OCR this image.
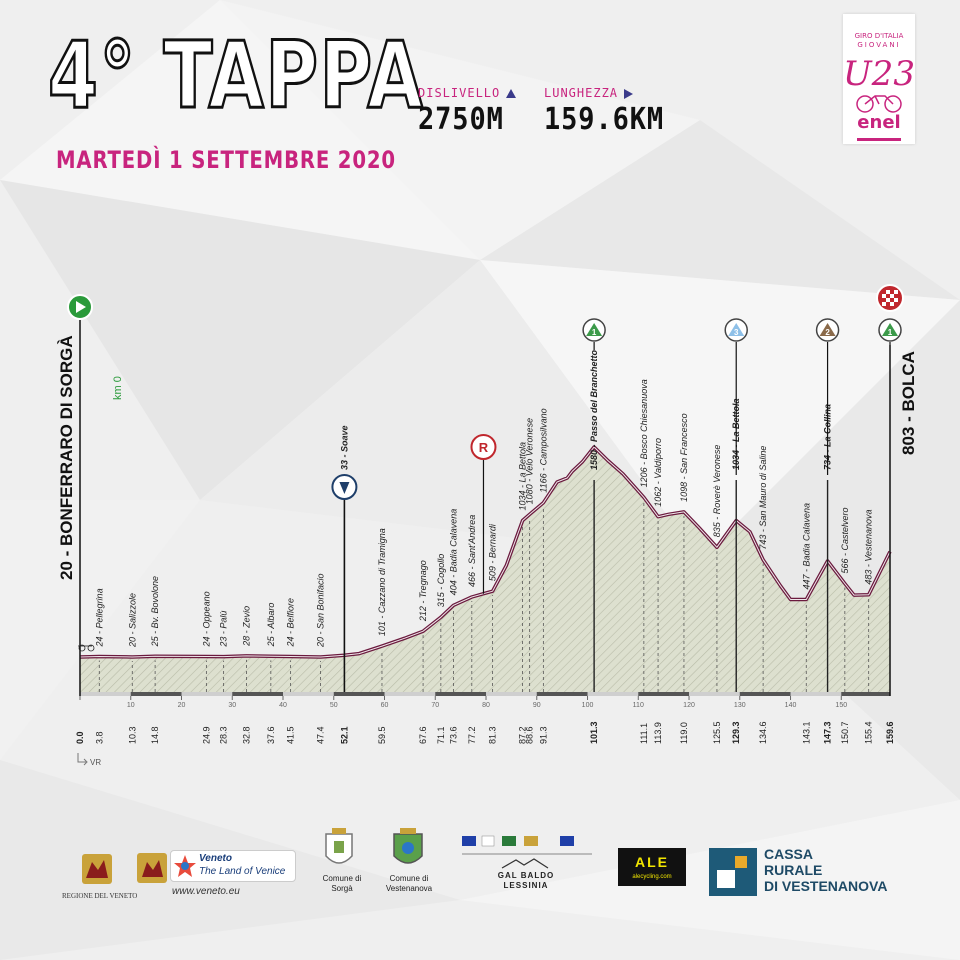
4° TAPPA
MARTEDÌ 1 SETTEMBRE 2020
DISLIVELLO
2750M
LUNGHEZZA
159.6KM
GIRO D'ITALIA
GIOVANI
U23
enel
10	20	30	40	50	60	70	80	90	100	110	120	130	140	150
24 - Pellegrina	20 - Salizzole 25 - Bv. Bovolone	24 - Oppeano 23 - Palù 28 - Zevio 25 - Albaro 24 - Belfiore 20 - San Bonifacio
33 - Soave
101 - Cazzano di Tramigna	212 - Tregnago 315 - Cogollo 404 - Badia Calavena 466 - Sant'Andrea 509 - Bernardi
1034 - La Bettola
1080 - Velo Veronese 1166 - Camposilvano	1580 - Passo del Branchetto	1206 - Bosco Chiesanuova 1062 - Valdiporro 1098 - San Francesco	835 - Roverè Veronese
1034 - La Bettola
743 - San Mauro di Saline	447 - Badia Calavena
734 - La Collina
566 - Castelvero 483 - Vestenanova
0.0 3.8	10.3 14.8	24.9 28.3 32.8 37.6 41.5 47.4 52.1	59.5	67.6 71.1 73.6 77.2 81.3 87.2
88.6 91.3	101.3	111.1 113.9 119.0	125.5 129.3 134.6	143.1 147.3 150.7 155.4 159.6
R
1	3	2	1
km 0
20 - BONFERRARO DI SORGÀ	803 - BOLCA
VR
REGIONE DEL VENETO
Veneto
The Land of Venice
www.veneto.eu
Comune di
Sorgà
Comune di
Vestenanova
GAL BALDO
LESSINIA
ALE
alecycling.com
CASSA
RURALE
DI VESTENANOVA
